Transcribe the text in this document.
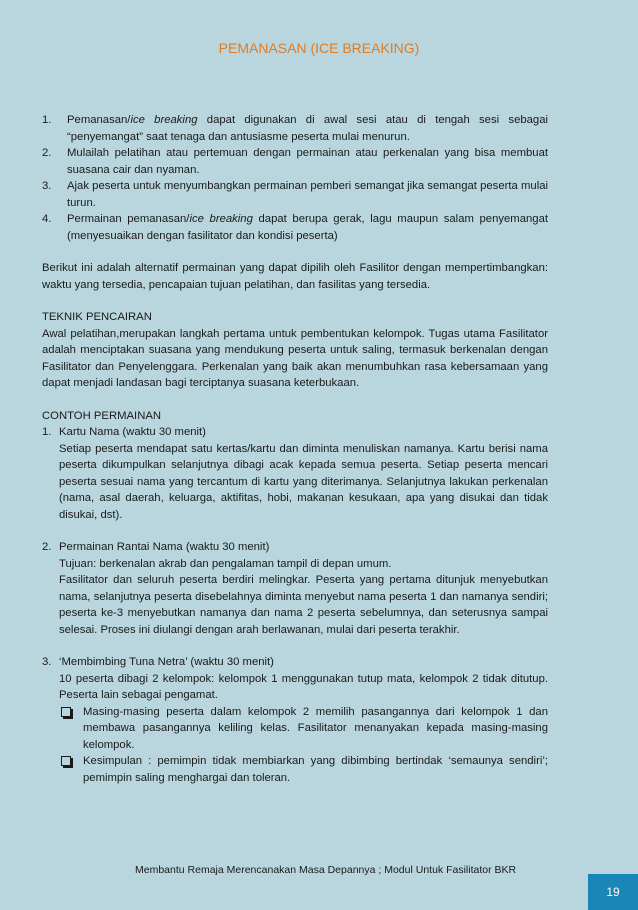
PEMANASAN (ICE BREAKING)
1. Pemanasan/ice breaking dapat digunakan di awal sesi atau di tengah sesi sebagai “penyemangat” saat tenaga dan antusiasme peserta mulai menurun.
2. Mulailah pelatihan atau pertemuan dengan permainan atau perkenalan yang bisa membuat suasana cair dan nyaman.
3. Ajak peserta untuk menyumbangkan permainan pemberi semangat jika semangat peserta mulai turun.
4. Permainan pemanasan/ice breaking dapat berupa gerak, lagu maupun salam penyemangat (menyesuaikan dengan fasilitator dan kondisi peserta)
Berikut ini adalah alternatif permainan yang dapat dipilih oleh Fasilitor dengan mempertimbangkan: waktu yang tersedia, pencapaian tujuan pelatihan, dan fasilitas yang tersedia.
TEKNIK PENCAIRAN
Awal pelatihan,merupakan langkah pertama untuk pembentukan kelompok. Tugas utama Fasilitator adalah menciptakan suasana yang mendukung peserta untuk saling, termasuk berkenalan dengan Fasilitator dan Penyelenggara. Perkenalan yang baik akan menumbuhkan rasa kebersamaan yang dapat menjadi landasan bagi terciptanya suasana keterbukaan.
CONTOH PERMAINAN
1. Kartu Nama (waktu 30 menit)
Setiap peserta mendapat satu kertas/kartu dan diminta menuliskan namanya. Kartu berisi nama peserta dikumpulkan selanjutnya dibagi acak kepada semua peserta. Setiap peserta mencari peserta sesuai nama yang tercantum di kartu yang diterimanya. Selanjutnya lakukan perkenalan (nama, asal daerah, keluarga, aktifitas, hobi, makanan kesukaan, apa yang disukai dan tidak disukai, dst).
2. Permainan Rantai Nama (waktu 30 menit)
Tujuan: berkenalan akrab dan pengalaman tampil di depan umum.
Fasilitator dan seluruh peserta berdiri melingkar. Peserta yang pertama ditunjuk menyebutkan nama, selanjutnya peserta disebelahnya diminta menyebut nama peserta 1 dan namanya sendiri; peserta ke-3 menyebutkan namanya dan nama 2 peserta sebelumnya, dan seterusnya sampai selesai. Proses ini diulangi dengan arah berlawanan, mulai dari peserta terakhir.
3. ‘Membimbing Tuna Netra’ (waktu 30 menit)
10 peserta dibagi 2 kelompok: kelompok 1 menggunakan tutup mata, kelompok 2 tidak ditutup. Peserta lain sebagai pengamat.
Masing-masing peserta dalam kelompok 2 memilih pasangannya dari kelompok 1 dan membawa pasangannya keliling kelas. Fasilitator menanyakan kepada masing-masing kelompok.
Kesimpulan : pemimpin tidak membiarkan yang dibimbing bertindak ‘semaunya sendiri’; pemimpin saling menghargai dan toleran.
Membantu Remaja Merencanakan Masa Depannya ; Modul Untuk Fasilitator BKR
19
